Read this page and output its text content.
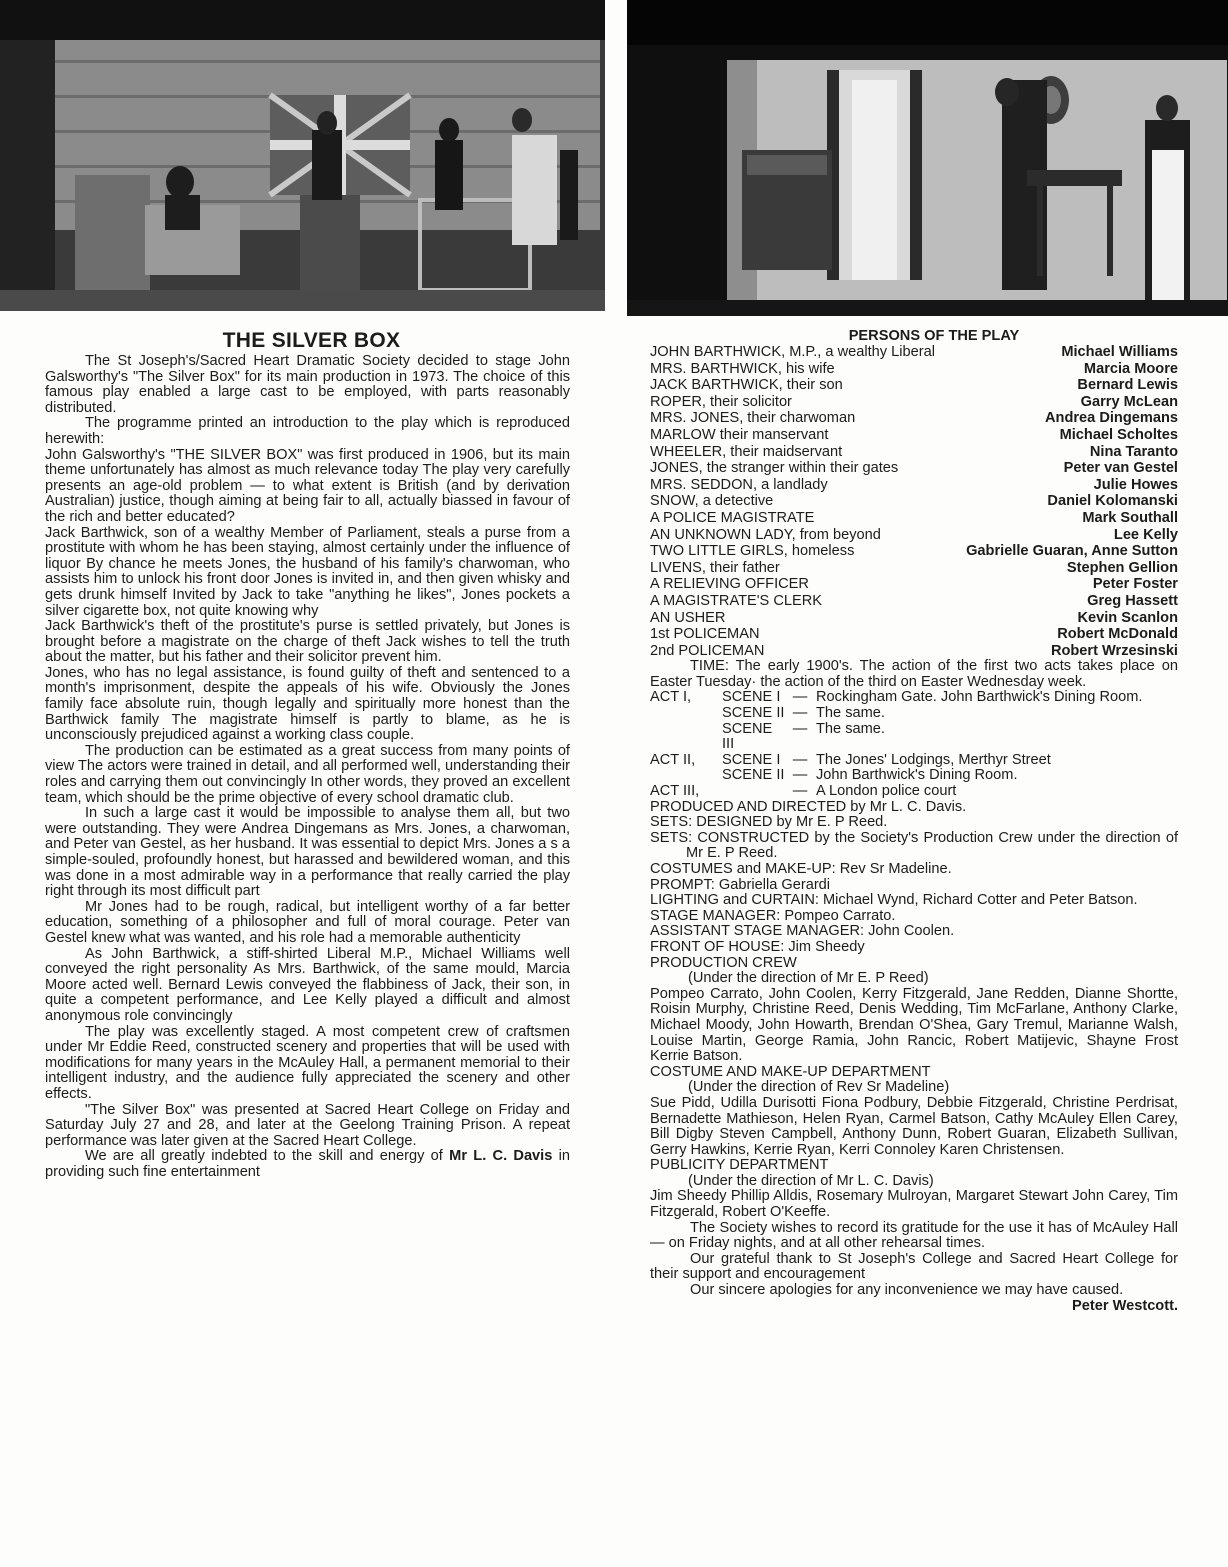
THE SILVER BOX

The St Joseph's/Sacred Heart Dramatic Society decided to stage John Galsworthy's "The Silver Box" for its main production in 1973. The choice of this famous play enabled a large cast to be employed, with parts reasonably distributed.

The programme printed an introduction to the play which is reproduced herewith:

John Galsworthy's "THE SILVER BOX" was first produced in 1906, but its main theme unfortunately has almost as much relevance today The play very carefully presents an age-old problem — to what extent is British (and by derivation Australian) justice, though aiming at being fair to all, actually biassed in favour of the rich and better educated?

Jack Barthwick, son of a wealthy Member of Parliament, steals a purse from a prostitute with whom he has been staying, almost certainly under the influence of liquor By chance he meets Jones, the husband of his family's charwoman, who assists him to unlock his front door Jones is invited in, and then given whisky and gets drunk himself Invited by Jack to take "anything he likes", Jones pockets a silver cigarette box, not quite knowing why

Jack Barthwick's theft of the prostitute's purse is settled privately, but Jones is brought before a magistrate on the charge of theft Jack wishes to tell the truth about the matter, but his father and their solicitor prevent him.

Jones, who has no legal assistance, is found guilty of theft and sentenced to a month's imprisonment, despite the appeals of his wife. Obviously the Jones family face absolute ruin, though legally and spiritually more honest than the Barthwick family The magistrate himself is partly to blame, as he is unconsciously prejudiced against a working class couple.

The production can be estimated as a great success from many points of view The actors were trained in detail, and all performed well, understanding their roles and carrying them out convincingly In other words, they proved an excellent team, which should be the prime objective of every school dramatic club.

In such a large cast it would be impossible to analyse them all, but two were outstanding. They were Andrea Dingemans as Mrs. Jones, a charwoman, and Peter van Gestel, as her husband. It was essential to depict Mrs. Jones a s a simple-souled, profoundly honest, but harassed and bewildered woman, and this was done in a most admirable way in a performance that really carried the play right through its most difficult part

Mr Jones had to be rough, radical, but intelligent worthy of a far better education, something of a philosopher and full of moral courage. Peter van Gestel knew what was wanted, and his role had a memorable authenticity

As John Barthwick, a stiff-shirted Liberal M.P., Michael Williams well conveyed the right personality As Mrs. Barthwick, of the same mould, Marcia Moore acted well. Bernard Lewis conveyed the flabbiness of Jack, their son, in quite a competent performance, and Lee Kelly played a difficult and almost anonymous role convincingly

The play was excellently staged. A most competent crew of craftsmen under Mr Eddie Reed, constructed scenery and properties that will be used with modifications for many years in the McAuley Hall, a permanent memorial to their intelligent industry, and the audience fully appreciated the scenery and other effects.

"The Silver Box" was presented at Sacred Heart College on Friday and Saturday July 27 and 28, and later at the Geelong Training Prison. A repeat performance was later given at the Sacred Heart College.

We are all greatly indebted to the skill and energy of Mr L. C. Davis in providing such fine entertainment

PERSONS OF THE PLAY
JOHN BARTHWICK, M.P., a wealthy Liberal	Michael Williams
MRS. BARTHWICK, his wife	Marcia Moore
JACK BARTHWICK, their son	Bernard Lewis
ROPER, their solicitor	Garry McLean
MRS. JONES, their charwoman	Andrea Dingemans
MARLOW their manservant	Michael Scholtes
WHEELER, their maidservant	Nina Taranto
JONES, the stranger within their gates	Peter van Gestel
MRS. SEDDON, a landlady	Julie Howes
SNOW, a detective	Daniel Kolomanski
A POLICE MAGISTRATE	Mark Southall
AN UNKNOWN LADY, from beyond	Lee Kelly
TWO LITTLE GIRLS, homeless	Gabrielle Guaran, Anne Sutton
LIVENS, their father	Stephen Gellion
A RELIEVING OFFICER	Peter Foster
A MAGISTRATE'S CLERK	Greg Hassett
AN USHER	Kevin Scanlon
1st POLICEMAN	Robert McDonald
2nd POLICEMAN	Robert Wrzesinski

TIME: The early 1900's. The action of the first two acts takes place on Easter Tuesday· the action of the third on Easter Wednesday week.

ACT I,	SCENE I	—	Rockingham Gate. John Barthwick's Dining Room.
	SCENE II	—	The same.
	SCENE III	—	The same.
ACT II,	SCENE I	—	The Jones' Lodgings, Merthyr Street
	SCENE II	—	John Barthwick's Dining Room.
ACT III,		—	A London police court

PRODUCED AND DIRECTED by Mr L. C. Davis.

SETS: DESIGNED by Mr E. P Reed.

SETS: CONSTRUCTED by the Society's Production Crew under the direction of Mr E. P Reed.

COSTUMES and MAKE-UP: Rev Sr Madeline.

PROMPT: Gabriella Gerardi

LIGHTING and CURTAIN: Michael Wynd, Richard Cotter and Peter Batson.

STAGE MANAGER: Pompeo Carrato.

ASSISTANT STAGE MANAGER: John Coolen.

FRONT OF HOUSE: Jim Sheedy

PRODUCTION CREW

(Under the direction of Mr E. P Reed)

Pompeo Carrato, John Coolen, Kerry Fitzgerald, Jane Redden, Dianne Shortte, Roisin Murphy, Christine Reed, Denis Wedding, Tim McFarlane, Anthony Clarke, Michael Moody, John Howarth, Brendan O'Shea, Gary Tremul, Marianne Walsh, Louise Martin, George Ramia, John Rancic, Robert Matijevic, Shayne Frost Kerrie Batson.

COSTUME AND MAKE-UP DEPARTMENT

(Under the direction of Rev Sr Madeline)

Sue Pidd, Udilla Durisotti Fiona Podbury, Debbie Fitzgerald, Christine Perdrisat, Bernadette Mathieson, Helen Ryan, Carmel Batson, Cathy McAuley Ellen Carey, Bill Digby Steven Campbell, Anthony Dunn, Robert Guaran, Elizabeth Sullivan, Gerry Hawkins, Kerrie Ryan, Kerri Connoley Karen Christensen.

PUBLICITY DEPARTMENT

(Under the direction of Mr L. C. Davis)

Jim Sheedy Phillip Alldis, Rosemary Mulroyan, Margaret Stewart John Carey, Tim Fitzgerald, Robert O'Keeffe.

The Society wishes to record its gratitude for the use it has of McAuley Hall — on Friday nights, and at all other rehearsal times.

Our grateful thank to St Joseph's College and Sacred Heart College for their support and encouragement

Our sincere apologies for any inconvenience we may have caused.

Peter Westcott.
